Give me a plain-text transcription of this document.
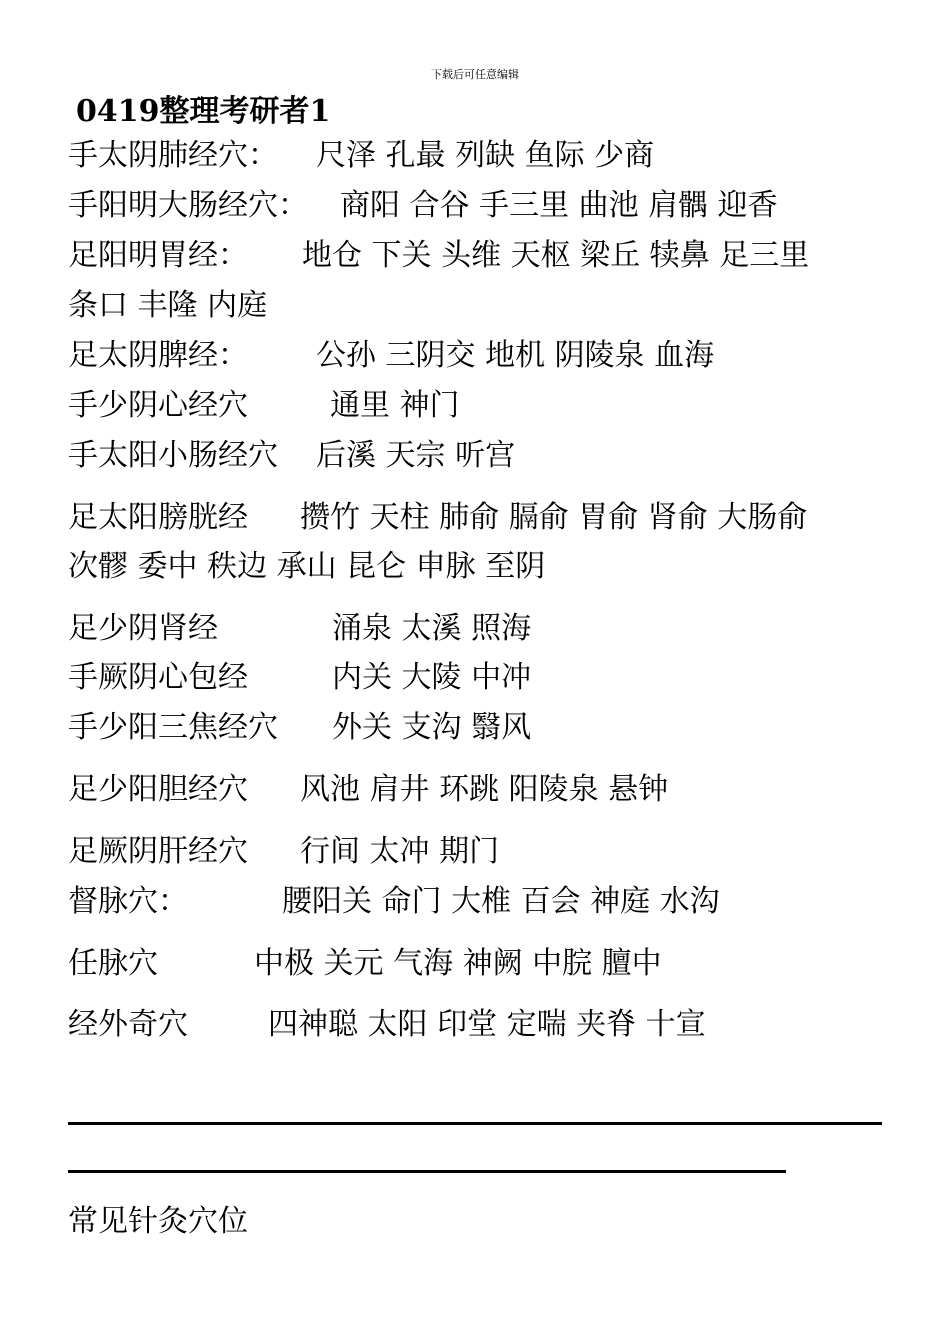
下载后可任意编辑
0419整理考研者1
手太阴肺经穴： 尺泽 孔最 列缺 鱼际 少商
手阳明大肠经穴： 商阳 合谷 手三里 曲池 肩髃 迎香
足阳明胃经： 地仓 下关 头维 天枢 梁丘 犊鼻 足三里
条口 丰隆 内庭
足太阴脾经： 公孙 三阴交 地机 阴陵泉 血海
手少阴心经穴	通里 神门
手太阳小肠经穴 后溪 天宗 听宫
足太阳膀胱经 攒竹 天柱 肺俞 膈俞 胃俞 肾俞 大肠俞
次髎 委中 秩边 承山 昆仑 申脉 至阴
足少阴肾经	涌泉 太溪 照海
手厥阴心包经	内关 大陵 中冲
手少阳三焦经穴 外关 支沟 翳风
足少阳胆经穴 风池 肩井 环跳 阳陵泉 悬钟
足厥阴肝经穴 行间 太冲 期门
督脉穴：	腰阳关 命门 大椎 百会 神庭 水沟
任脉穴	中极 关元 气海 神阙 中脘 膻中
经外奇穴	四神聪 太阳 印堂 定喘 夹脊 十宣
常见针灸穴位
